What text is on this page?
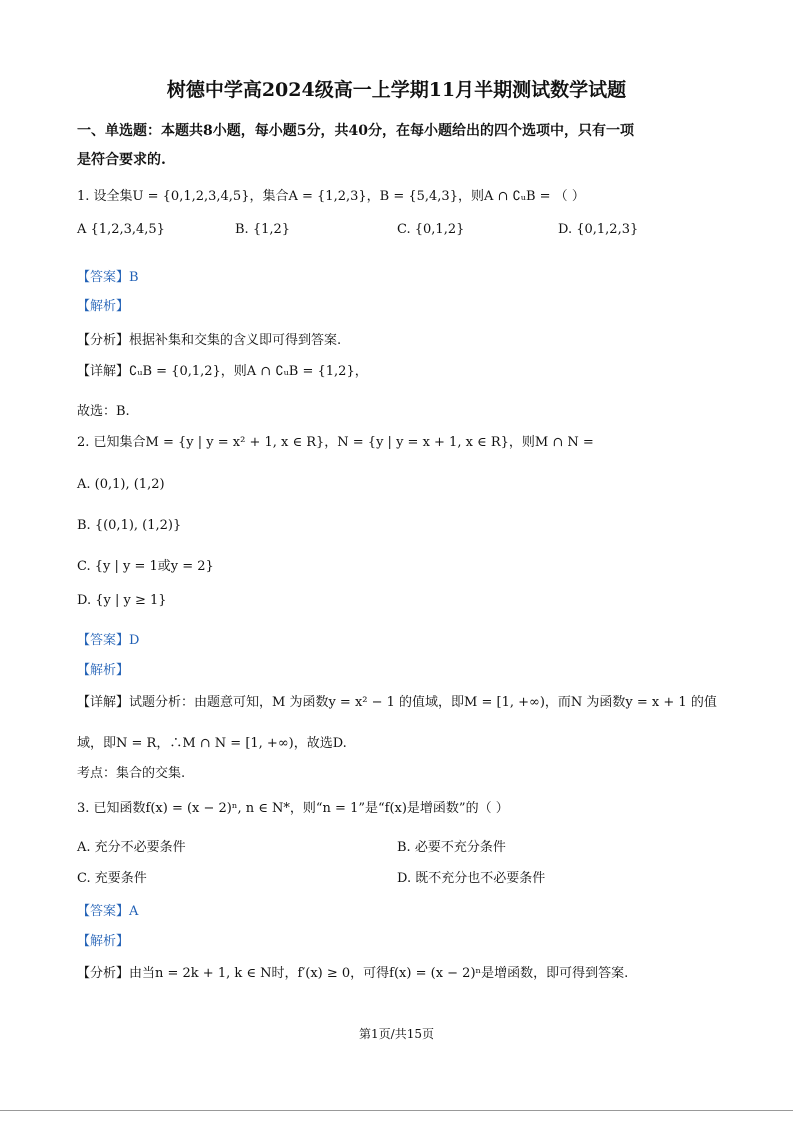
树德中学高2024级高一上学期11月半期测试数学试题
一、单选题：本题共8小题，每小题5分，共40分，在每小题给出的四个选项中，只有一项
是符合要求的.
1. 设全集U = {0,1,2,3,4,5}，集合A = {1,2,3}，B = {5,4,3}，则A ∩ ∁ᵤB = （ ）
A {1,2,3,4,5}	B. {1,2}	C. {0,1,2}	D. {0,1,2,3}
【答案】B
【解析】
【分析】根据补集和交集的含义即可得到答案.
【详解】∁ᵤB = {0,1,2}，则A ∩ ∁ᵤB = {1,2}，
故选：B.
2. 已知集合M = {y | y = x² + 1, x ∈ R}，N = {y | y = x + 1, x ∈ R}，则M ∩ N =
A. (0,1), (1,2)
B. {(0,1), (1,2)}
C. {y | y = 1或y = 2}
D. {y | y ≥ 1}
【答案】D
【解析】
【详解】试题分析：由题意可知，M 为函数y = x² − 1 的值域，即M = [1, +∞)，而N 为函数y = x + 1 的值
域，即N = R，∴M ∩ N = [1, +∞)，故选D.
考点：集合的交集.
3. 已知函数f(x) = (x − 2)ⁿ, n ∈ N*，则“n = 1”是“f(x)是增函数”的（ ）
A. 充分不必要条件	B. 必要不充分条件
C. 充要条件	D. 既不充分也不必要条件
【答案】A
【解析】
【分析】由当n = 2k + 1, k ∈ N时，f′(x) ≥ 0，可得f(x) = (x − 2)ⁿ是增函数，即可得到答案.
第1页/共15页
